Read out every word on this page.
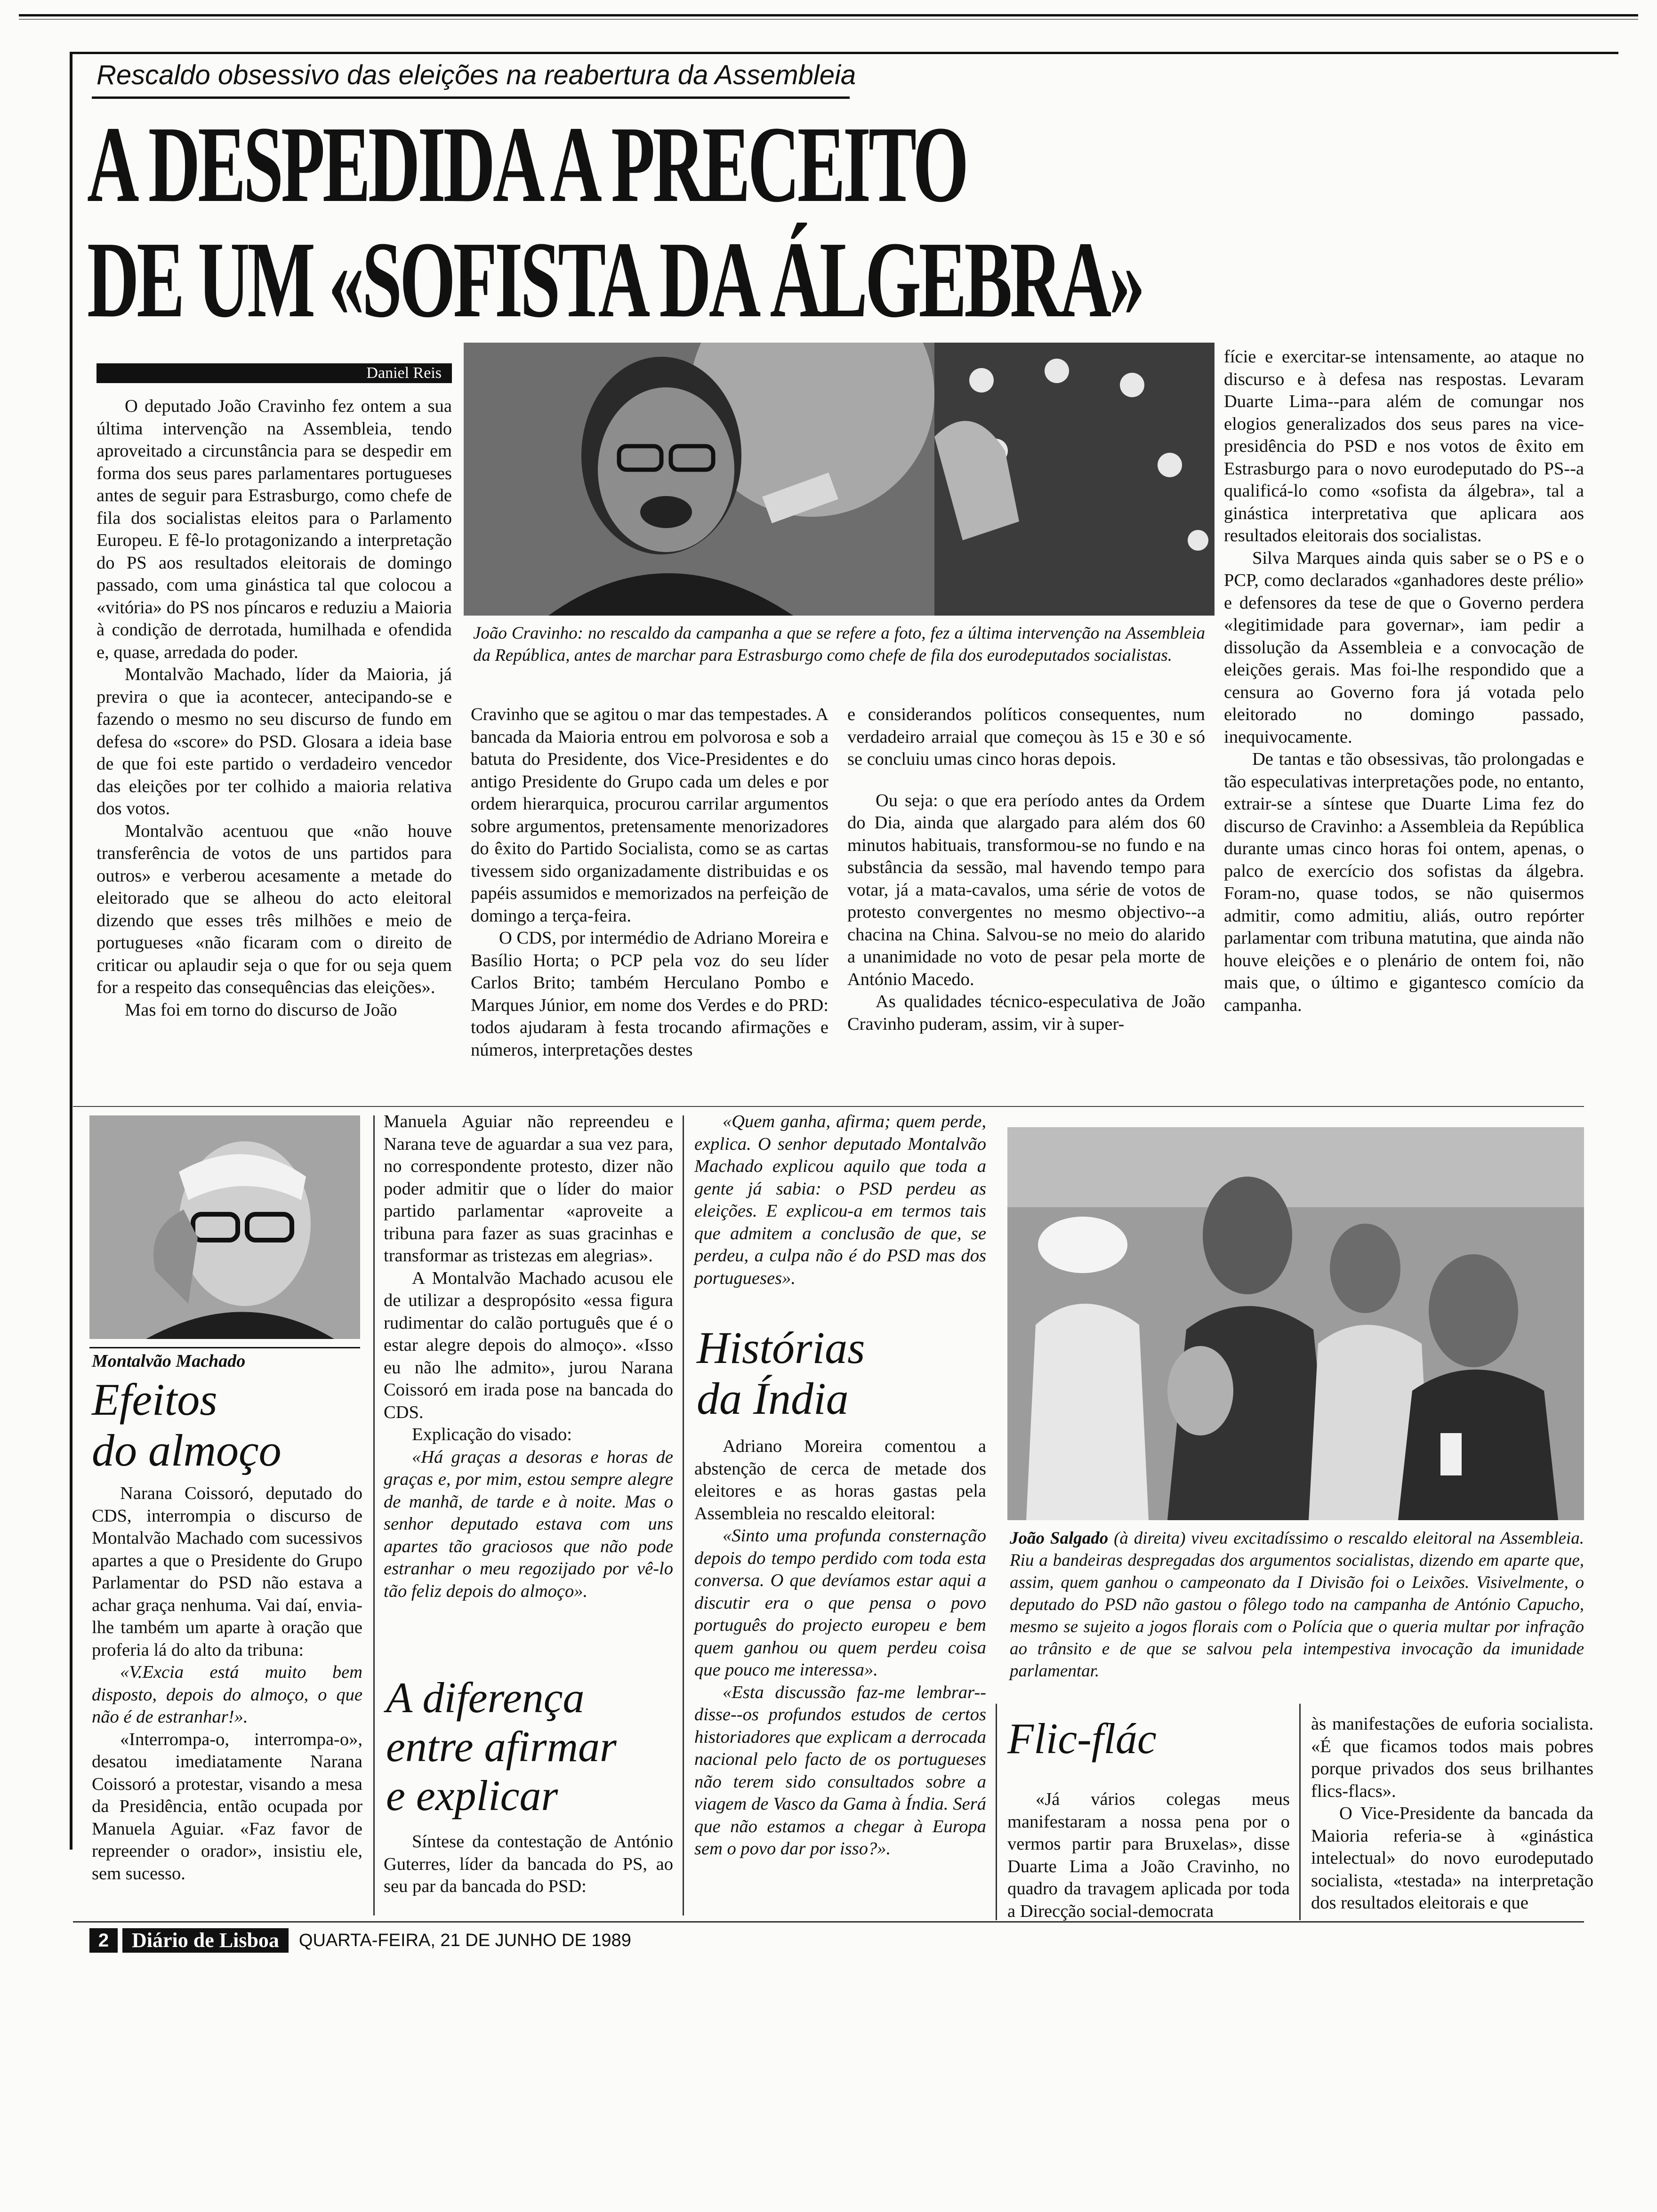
Rescaldo obsessivo das eleições na reabertura da Assembleia
A DESPEDIDA A PRECEITO
DE UM «SOFISTA DA ÁLGEBRA»
Daniel Reis

O deputado João Cravinho fez ontem a sua última intervenção na Assembleia, tendo aproveitado a circunstância para se despedir em forma dos seus pares parlamentares portugueses antes de seguir para Estrasburgo, como chefe de fila dos socialistas eleitos para o Parlamento Europeu. E fê-lo protagonizando a interpretação do PS aos resultados eleitorais de domingo passado, com uma ginástica tal que colocou a «vitória» do PS nos píncaros e reduziu a Maioria à condição de derrotada, humilhada e ofendida e, quase, arredada do poder.

Montalvão Machado, líder da Maioria, já previra o que ia acontecer, antecipando-se e fazendo o mesmo no seu discurso de fundo em defesa do «score» do PSD. Glosara a ideia base de que foi este partido o verdadeiro vencedor das eleições por ter colhido a maioria relativa dos votos.

Montalvão acentuou que «não houve transferência de votos de uns partidos para outros» e verberou acesamente a metade do eleitorado que se alheou do acto eleitoral dizendo que esses três milhões e meio de portugueses «não ficaram com o direito de criticar ou aplaudir seja o que for ou seja quem for a respeito das consequências das eleições».

Mas foi em torno do discurso de João

João Cravinho: no rescaldo da campanha a que se refere a foto, fez a última intervenção na Assembleia da República, antes de marchar para Estrasburgo como chefe de fila dos eurodeputados socialistas.

Cravinho que se agitou o mar das tempestades. A bancada da Maioria entrou em polvorosa e sob a batuta do Presidente, dos Vice-Presidentes e do antigo Presidente do Grupo cada um deles e por ordem hierarquica, procurou carrilar argumentos sobre argumentos, pretensamente menorizadores do êxito do Partido Socialista, como se as cartas tivessem sido organizadamente distribuidas e os papéis assumidos e memorizados na perfeição de domingo a terça-feira.

O CDS, por intermédio de Adriano Moreira e Basílio Horta; o PCP pela voz do seu líder Carlos Brito; também Herculano Pombo e Marques Júnior, em nome dos Verdes e do PRD: todos ajudaram à festa trocando afirmações e números, interpretações destes

e considerandos políticos consequentes, num verdadeiro arraial que começou às 15 e 30 e só se concluiu umas cinco horas depois.

Ou seja: o que era período antes da Ordem do Dia, ainda que alargado para além dos 60 minutos habituais, transformou-se no fundo e na substância da sessão, mal havendo tempo para votar, já a mata-cavalos, uma série de votos de protesto convergentes no mesmo objectivo--a chacina na China. Salvou-se no meio do alarido a unanimidade no voto de pesar pela morte de António Macedo.

As qualidades técnico-especulativa de João Cravinho puderam, assim, vir à super-

fície e exercitar-se intensamente, ao ataque no discurso e à defesa nas respostas. Levaram Duarte Lima--para além de comungar nos elogios generalizados dos seus pares na vice-presidência do PSD e nos votos de êxito em Estrasburgo para o novo eurodeputado do PS--a qualificá-lo como «sofista da álgebra», tal a ginástica interpretativa que aplicara aos resultados eleitorais dos socialistas.

Silva Marques ainda quis saber se o PS e o PCP, como declarados «ganhadores deste prélio» e defensores da tese de que o Governo perdera «legitimidade para governar», iam pedir a dissolução da Assembleia e a convocação de eleições gerais. Mas foi-lhe respondido que a censura ao Governo fora já votada pelo eleitorado no domingo passado, inequivocamente.

De tantas e tão obsessivas, tão prolongadas e tão especulativas interpretações pode, no entanto, extrair-se a síntese que Duarte Lima fez do discurso de Cravinho: a Assembleia da República durante umas cinco horas foi ontem, apenas, o palco de exercício dos sofistas da álgebra. Foram-no, quase todos, se não quisermos admitir, como admitiu, aliás, outro repórter parlamentar com tribuna matutina, que ainda não houve eleições e o plenário de ontem foi, não mais que, o último e gigantesco comício da campanha.

Montalvão Machado
Efeitos
do almoço

Narana Coissoró, deputado do CDS, interrompia o discurso de Montalvão Machado com sucessivos apartes a que o Presidente do Grupo Parlamentar do PSD não estava a achar graça nenhuma. Vai daí, envia-lhe também um aparte à oração que proferia lá do alto da tribuna:

«V.Excia está muito bem disposto, depois do almoço, o que não é de estranhar!».

«Interrompa-o, interrompa-o», desatou imediatamente Narana Coissoró a protestar, visando a mesa da Presidência, então ocupada por Manuela Aguiar. «Faz favor de repreender o orador», insistiu ele, sem sucesso.

Manuela Aguiar não repreendeu e Narana teve de aguardar a sua vez para, no correspondente protesto, dizer não poder admitir que o líder do maior partido parlamentar «aproveite a tribuna para fazer as suas gracinhas e transformar as tristezas em alegrias».

A Montalvão Machado acusou ele de utilizar a despropósito «essa figura rudimentar do calão português que é o estar alegre depois do almoço». «Isso eu não lhe admito», jurou Narana Coissoró em irada pose na bancada do CDS.

Explicação do visado:

«Há graças a desoras e horas de graças e, por mim, estou sempre alegre de manhã, de tarde e à noite. Mas o senhor deputado estava com uns apartes tão graciosos que não pode estranhar o meu regozijado por vê-lo tão feliz depois do almoço».

A diferença
entre afirmar
e explicar

Síntese da contestação de António Guterres, líder da bancada do PS, ao seu par da bancada do PSD:

«Quem ganha, afirma; quem perde, explica. O senhor deputado Montalvão Machado explicou aquilo que toda a gente já sabia: o PSD perdeu as eleições. E explicou-a em termos tais que admitem a conclusão de que, se perdeu, a culpa não é do PSD mas dos portugueses».

Histórias
da Índia

Adriano Moreira comentou a abstenção de cerca de metade dos eleitores e as horas gastas pela Assembleia no rescaldo eleitoral:

«Sinto uma profunda consternação depois do tempo perdido com toda esta conversa. O que devíamos estar aqui a discutir era o que pensa o povo português do projecto europeu e bem quem ganhou ou quem perdeu coisa que pouco me interessa».

«Esta discussão faz-me lembrar--disse--os profundos estudos de certos historiadores que explicam a derrocada nacional pelo facto de os portugueses não terem sido consultados sobre a viagem de Vasco da Gama à Índia. Será que não estamos a chegar à Europa sem o povo dar por isso?».

João Salgado (à direita) viveu excitadíssimo o rescaldo eleitoral na Assembleia. Riu a bandeiras despregadas dos argumentos socialistas, dizendo em aparte que, assim, quem ganhou o campeonato da I Divisão foi o Leixões. Visivelmente, o deputado do PSD não gastou o fôlego todo na campanha de António Capucho, mesmo se sujeito a jogos florais com o Polícia que o queria multar por infração ao trânsito e de que se salvou pela intempestiva invocação da imunidade parlamentar.
Flic-flác

«Já vários colegas meus manifestaram a nossa pena por o vermos partir para Bruxelas», disse Duarte Lima a João Cravinho, no quadro da travagem aplicada por toda a Direcção social-democrata

às manifestações de euforia socialista. «É que ficamos todos mais pobres porque privados dos seus brilhantes flics-flacs».

O Vice-Presidente da bancada da Maioria referia-se à «ginástica intelectual» do novo eurodeputado socialista, «testada» na interpretação dos resultados eleitorais e que

2	Diário de Lisboa	QUARTA-FEIRA, 21 DE JUNHO DE 1989
